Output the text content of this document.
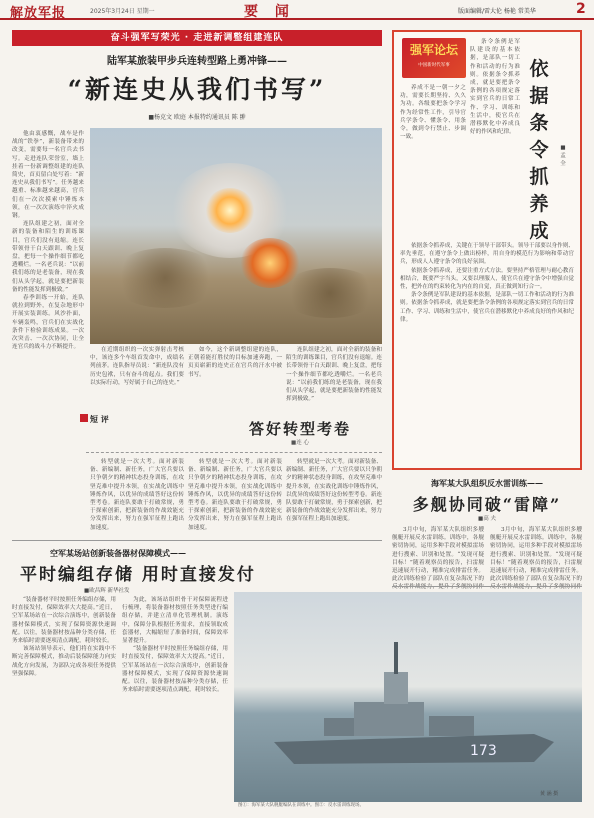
解放军报	2025年3月24日 星期一	要 闻	版面编辑/雷大伦 杨艳 常美华	2
奋斗强军写荣光 · 走进新调整组建连队
陆军某旅装甲步兵连转型路上勇冲锋——
“新连史从我们书写”
■杨克文 欧庭 本报特约通讯员 陈 翀

他由衷感慨，战车是作战的“铁拳”，新装备带来的改变，需要每一名官兵去书写。走进连队荣誉室，墙上挂着一份新调整组建的连队简史，首页留白处写着：“新连史从我们书写”。任务越来越重、标准越来越高，官兵们在一次次摸索中锤炼本领，在一次次演练中淬火成钢。

连队组建之初，面对全新的装备和陌生的训练课目，官兵们没有退缩。连长带领骨干白天跟训、晚上复盘，把每一个操作细节都吃透嚼烂。一名老兵说：“以前我们练的是老装备，现在我们从头学起，就是要把新装备的性能发挥到极致。”

春季训练一开始，连队就拉到野外，在复杂地形中开展实装训练。风沙扑面，车辆轰鸣，官兵们在实战化条件下检验训练成果。一次次突击、一次次协同，让全连官兵的战斗力不断提升。	在近期组织的一次实弹射击考核中，该连多个车组首发命中，成绩名列前茅。连队指导员说：“新连队没有历史包袱，只有奋斗的起点。我们要以实际行动，写好属于自己的连史。”

如今，这个新调整组建的连队，正朝着能打胜仗的目标加速奔跑，一页页崭新的连史正在官兵的汗水中被书写。

连队组建之初，面对全新的装备和陌生的训练课目，官兵们没有退缩。连长带领骨干白天跟训、晚上复盘，把每一个操作细节都吃透嚼烂。一名老兵说：“以前我们练的是老装备，现在我们从头学起，就是要把新装备的性能发挥到极致。”

强军论坛
中国新时代军事	依据条令抓养成
■孟全

条令条例是军队建设的基本依据，是部队一切工作和活动的行为准则。依据条令抓养成，就是要把条令条例的各项规定落实到官兵的日常工作、学习、训练和生活中，使官兵在潜移默化中养成良好的作风和纪律。

养成不是一朝一夕之功，需要长期坚持、久久为功。各级要把条令学习作为经常性工作，引导官兵学条令、懂条令、用条令，做到令行禁止、步调一致。

依据条令抓养成，关键在于领导干部带头。领导干部要以身作则、率先垂范，在遵守条令上做出榜样，用自身的模范行为影响和带动官兵，形成人人遵守条令的良好氛围。

依据条令抓养成，还要注重方式方法。要坚持严格管理与耐心教育相结合，既要严字当头，又要以理服人，使官兵在遵守条令中增强自觉性，把外在的约束转化为内在的自觉，真正做到知行合一。

条令条例是军队建设的基本依据，是部队一切工作和活动的行为准则。依据条令抓养成，就是要把条令条例的各项规定落实到官兵的日常工作、学习、训练和生活中，使官兵在潜移默化中养成良好的作风和纪律。

海军某大队组织反水雷训练——
多舰协同破“雷障”
■高 夫

3月中旬，海军某大队组织多艘舰艇开展反水雷训练。训练中，各舰密切协同，运用多种手段对模拟雷场进行搜索、识别和处置。“发现可疑目标！”随着观察员的报告，扫雷舰迅速展开行动，精准完成排雷任务。此次训练检验了部队在复杂海况下的反水雷作战能力，提升了多舰协同作

3月中旬，海军某大队组织多艘舰艇开展反水雷训练。训练中，各舰密切协同，运用多种手段对模拟雷场进行搜索、识别和处置。“发现可疑目标！”随着观察员的报告，扫雷舰迅速展开行动，精准完成排雷任务。此次训练检验了部队在复杂海况下的反水雷作战能力，提升了多舰协同作

短 评
答好转型考卷
■连 心

转型就是一次大考。面对新装备、新编制、新任务，广大官兵要以只争朝夕的精神状态投身训练，在攻坚克难中提升本领，在实战化训练中锤炼作风，以优异的成绩答好这份转型考卷。新连队要敢于打破常规，勇于探索创新，把新装备的作战效能充分发挥出来，努力在强军征程上跑出加速度。

转型就是一次大考。面对新装备、新编制、新任务，广大官兵要以只争朝夕的精神状态投身训练，在攻坚克难中提升本领，在实战化训练中锤炼作风，以优异的成绩答好这份转型考卷。新连队要敢于打破常规，勇于探索创新，把新装备的作战效能充分发挥出来，努力在强军征程上跑出加速度。

转型就是一次大考。面对新装备、新编制、新任务，广大官兵要以只争朝夕的精神状态投身训练，在攻坚克难中提升本领，在实战化训练中锤炼作风，以优异的成绩答好这份转型考卷。新连队要敢于打破常规，勇于探索创新，把新装备的作战效能充分发挥出来，努力在强军征程上跑出加速度。

空军某场站创新装备器材保障模式——
平时编组存储 用时直接发付
■欧昌辉 新华社发

“装备器材平时按照任务编组存储，用时直接发付，保障效率大大提高。”近日，空军某场站在一次综合演练中，创新装备器材保障模式，实现了保障资源快速调配。以往，装备器材按品种分类存储，任务来临时需要逐项清点调配，耗时较长。

该场站领导表示，他们将在实践中不断完善保障模式，推动后装保障能力向实战化方向发展，为部队完成各项任务提供坚强保障。

为此，该场站组织骨干对保障流程进行梳理，将装备器材按照任务类型进行编组存储，并建立清单化管理机制。演练中，保障分队根据任务需求，直接领取成套器材，大幅缩短了准备时间，保障效率显著提升。

“装备器材平时按照任务编组存储，用时直接发付，保障效率大大提高。”近日，空军某场站在一次综合演练中，创新装备器材保障模式，实现了保障资源快速调配。以往，装备器材按品种分类存储，任务来临时需要逐项清点调配，耗时较长。

173
图①：海军某大队舰艇编队在训练中。图②：反水雷训练现场。
黄 涵 摄
